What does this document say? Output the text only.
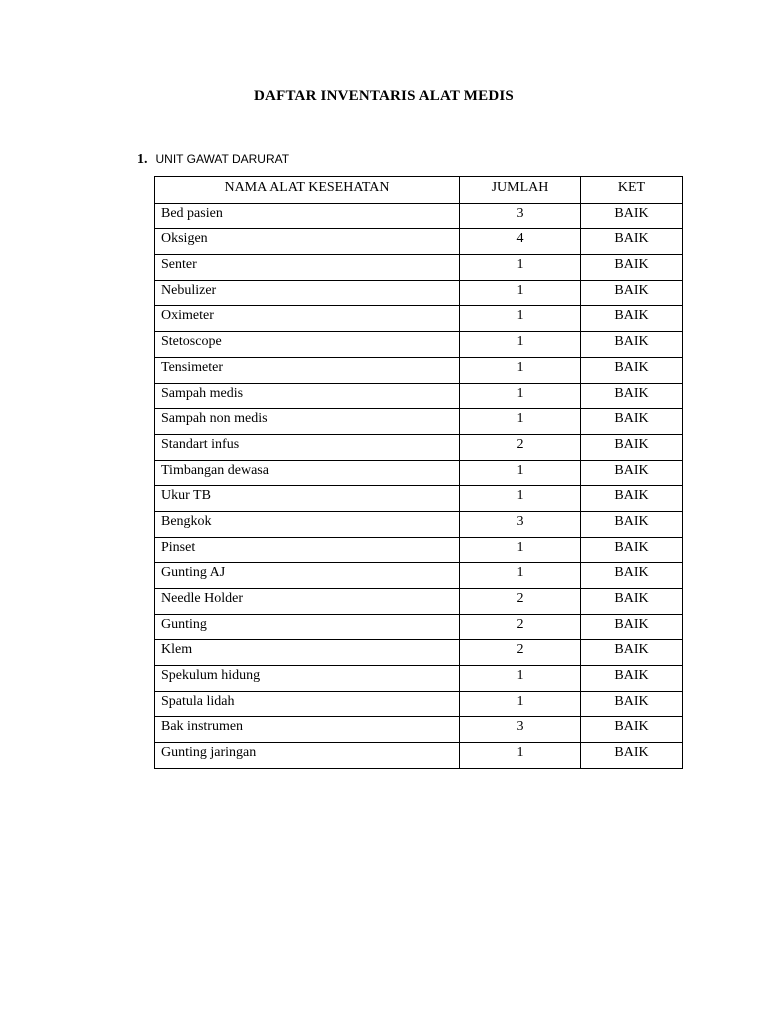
DAFTAR INVENTARIS ALAT MEDIS
1. UNIT GAWAT DARURAT
NAMA ALAT KESEHATAN	JUMLAH	KET
Bed pasien	3	BAIK
Oksigen	4	BAIK
Senter	1	BAIK
Nebulizer	1	BAIK
Oximeter	1	BAIK
Stetoscope	1	BAIK
Tensimeter	1	BAIK
Sampah medis	1	BAIK
Sampah non medis	1	BAIK
Standart infus	2	BAIK
Timbangan dewasa	1	BAIK
Ukur TB	1	BAIK
Bengkok	3	BAIK
Pinset	1	BAIK
Gunting AJ	1	BAIK
Needle Holder	2	BAIK
Gunting	2	BAIK
Klem	2	BAIK
Spekulum hidung	1	BAIK
Spatula lidah	1	BAIK
Bak instrumen	3	BAIK
Gunting jaringan	1	BAIK
